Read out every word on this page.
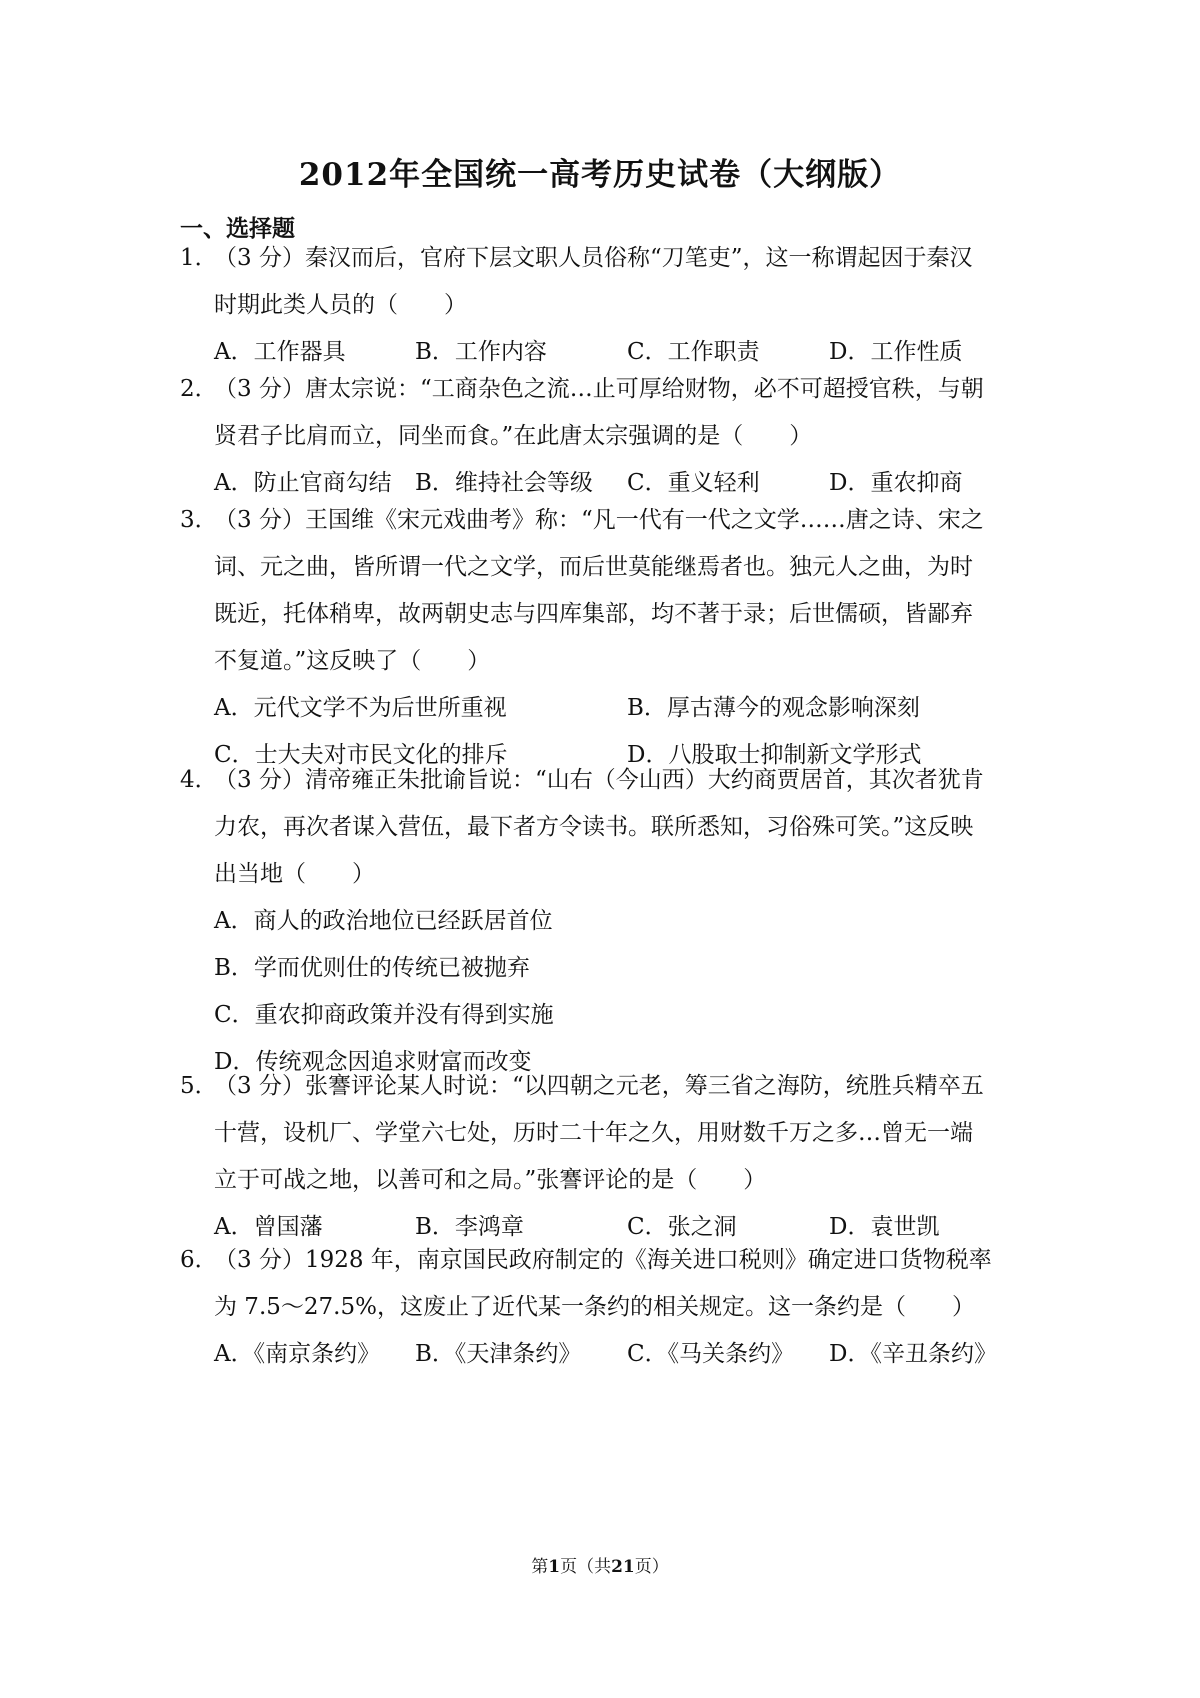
2012年全国统一高考历史试卷（大纲版）
一、选择题
1．
（3 分）秦汉而后，官府下层文职人员俗称“刀笔吏”，这一称谓起因于秦汉
时期此类人员的（　　）
A．工作器具	B．工作内容	C．工作职责	D．工作性质
2．
（3 分）唐太宗说：“工商杂色之流…止可厚给财物，必不可超授官秩，与朝
贤君子比肩而立，同坐而食。”在此唐太宗强调的是（　　）
A．防止官商勾结 B．维持社会等级 C．重义轻利	D．重农抑商
3．
（3 分）王国维《宋元戏曲考》称：“凡一代有一代之文学……唐之诗、宋之
词、元之曲，皆所谓一代之文学，而后世莫能继焉者也。独元人之曲，为时
既近，托体稍卑，故两朝史志与四库集部，均不著于录；后世儒硕，皆鄙弃
不复道。”这反映了（　　）
A．元代文学不为后世所重视	B．厚古薄今的观念影响深刻
C．士大夫对市民文化的排斥	D．八股取士抑制新文学形式
4．
（3 分）清帝雍正朱批谕旨说：“山右（今山西）大约商贾居首，其次者犹肯
力农，再次者谋入营伍，最下者方令读书。联所悉知，习俗殊可笑。”这反映
出当地（　　）
A．商人的政治地位已经跃居首位
B．学而优则仕的传统已被抛弃
C．重农抑商政策并没有得到实施
D．传统观念因追求财富而改变
5．
（3 分）张謇评论某人时说：“以四朝之元老，筹三省之海防，统胜兵精卒五
十营，设机厂、学堂六七处，历时二十年之久，用财数千万之多…曾无一端
立于可战之地，以善可和之局。”张謇评论的是（　　）
A．曾国藩	B．李鸿章	C．张之洞	D．袁世凯
6．
（3 分）1928 年，南京国民政府制定的《海关进口税则》确定进口货物税率
为 7.5～27.5%，这废止了近代某一条约的相关规定。这一条约是（　　）
A．《南京条约》 B．《天津条约》 C．《马关条约》 D．《辛丑条约》
第1页（共21页）
